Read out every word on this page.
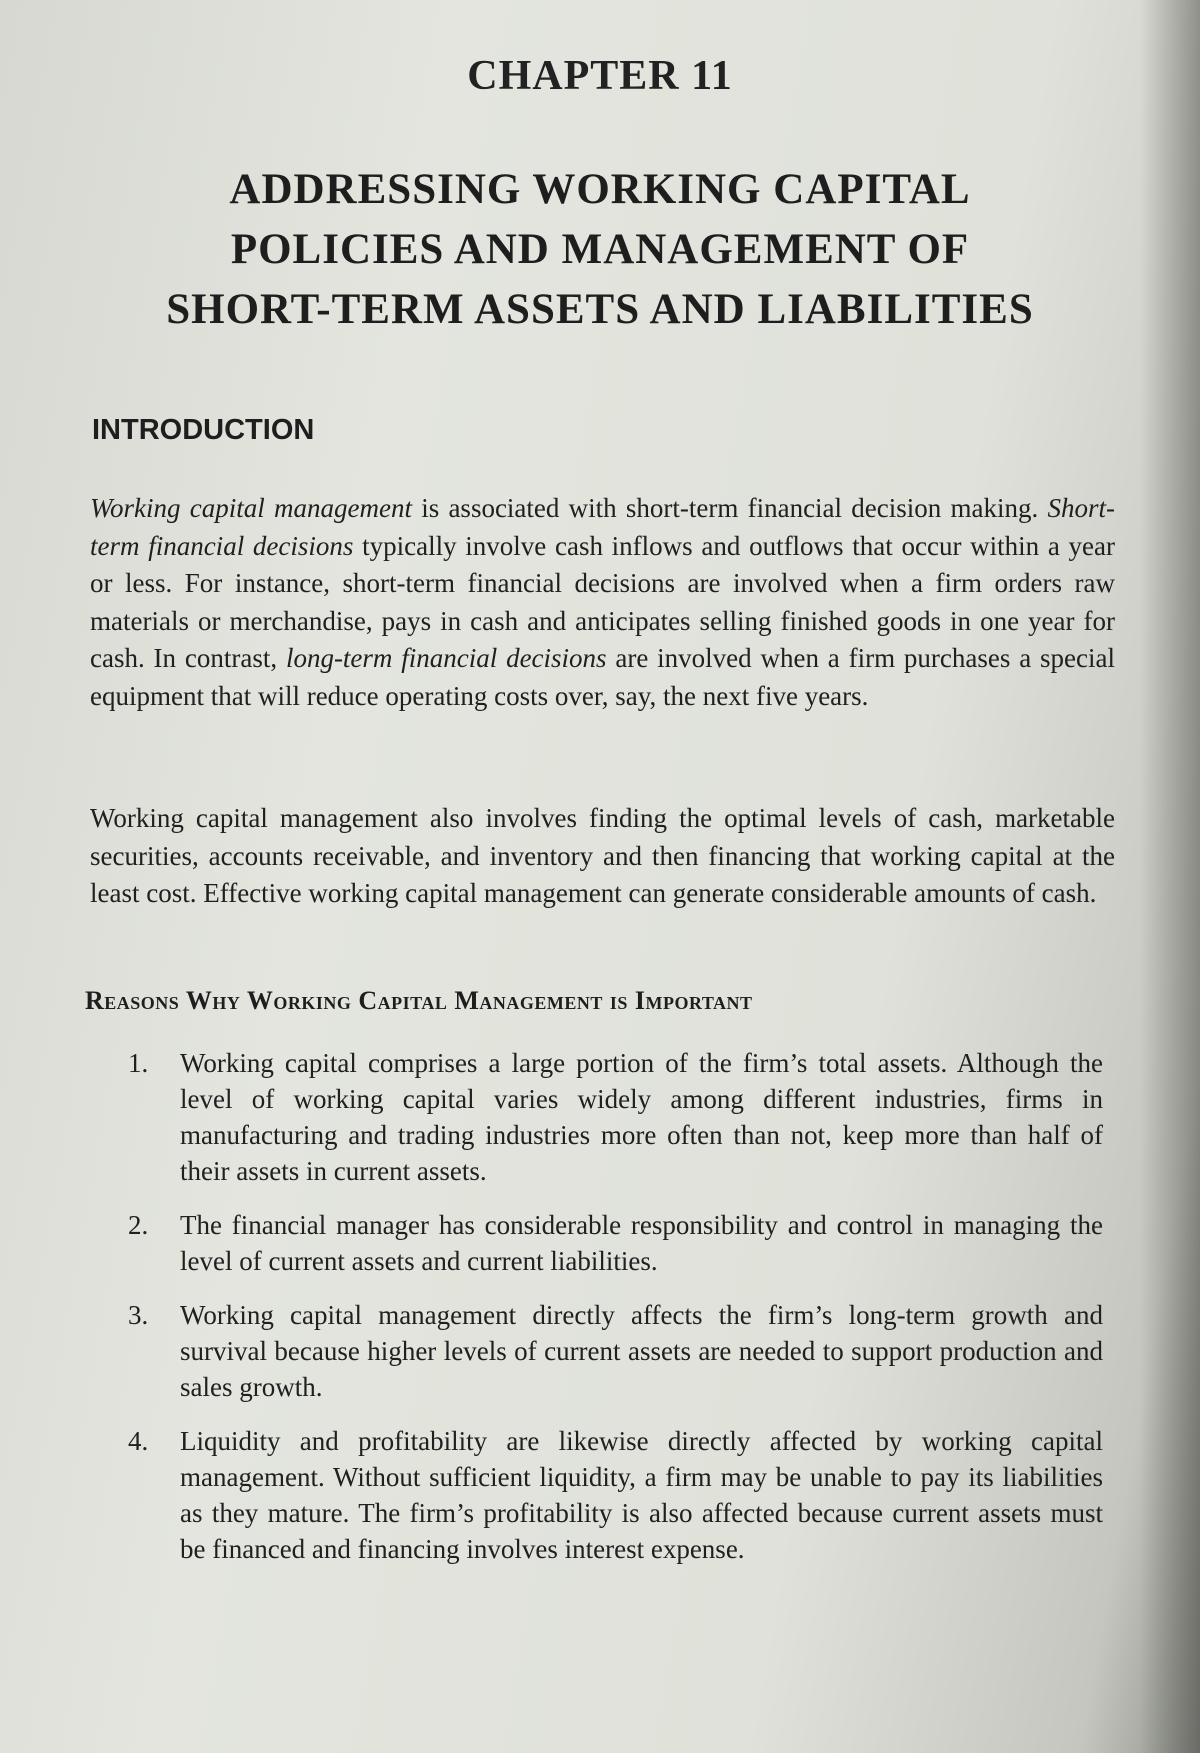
CHAPTER 11
ADDRESSING WORKING CAPITAL
POLICIES AND MANAGEMENT OF
SHORT-TERM ASSETS AND LIABILITIES
INTRODUCTION

Working capital management is associated with short-term financial decision making. Short-term financial decisions typically involve cash inflows and outflows that occur within a year or less. For instance, short-term financial decisions are involved when a firm orders raw materials or merchandise, pays in cash and anticipates selling finished goods in one year for cash. In contrast, long-term financial decisions are involved when a firm purchases a special equipment that will reduce operating costs over, say, the next five years.

Working capital management also involves finding the optimal levels of cash, marketable securities, accounts receivable, and inventory and then financing that working capital at the least cost. Effective working capital management can generate considerable amounts of cash.

Reasons Why Working Capital Management is Important
1. Working capital comprises a large portion of the firm’s total assets. Although the level of working capital varies widely among different industries, firms in manufacturing and trading industries more often than not, keep more than half of their assets in current assets.
2. The financial manager has considerable responsibility and control in managing the level of current assets and current liabilities.
3. Working capital management directly affects the firm’s long-term growth and survival because higher levels of current assets are needed to support production and sales growth.
4. Liquidity and profitability are likewise directly affected by working capital management. Without sufficient liquidity, a firm may be unable to pay its liabilities as they mature. The firm’s profitability is also affected because current assets must be financed and financing involves interest expense.
